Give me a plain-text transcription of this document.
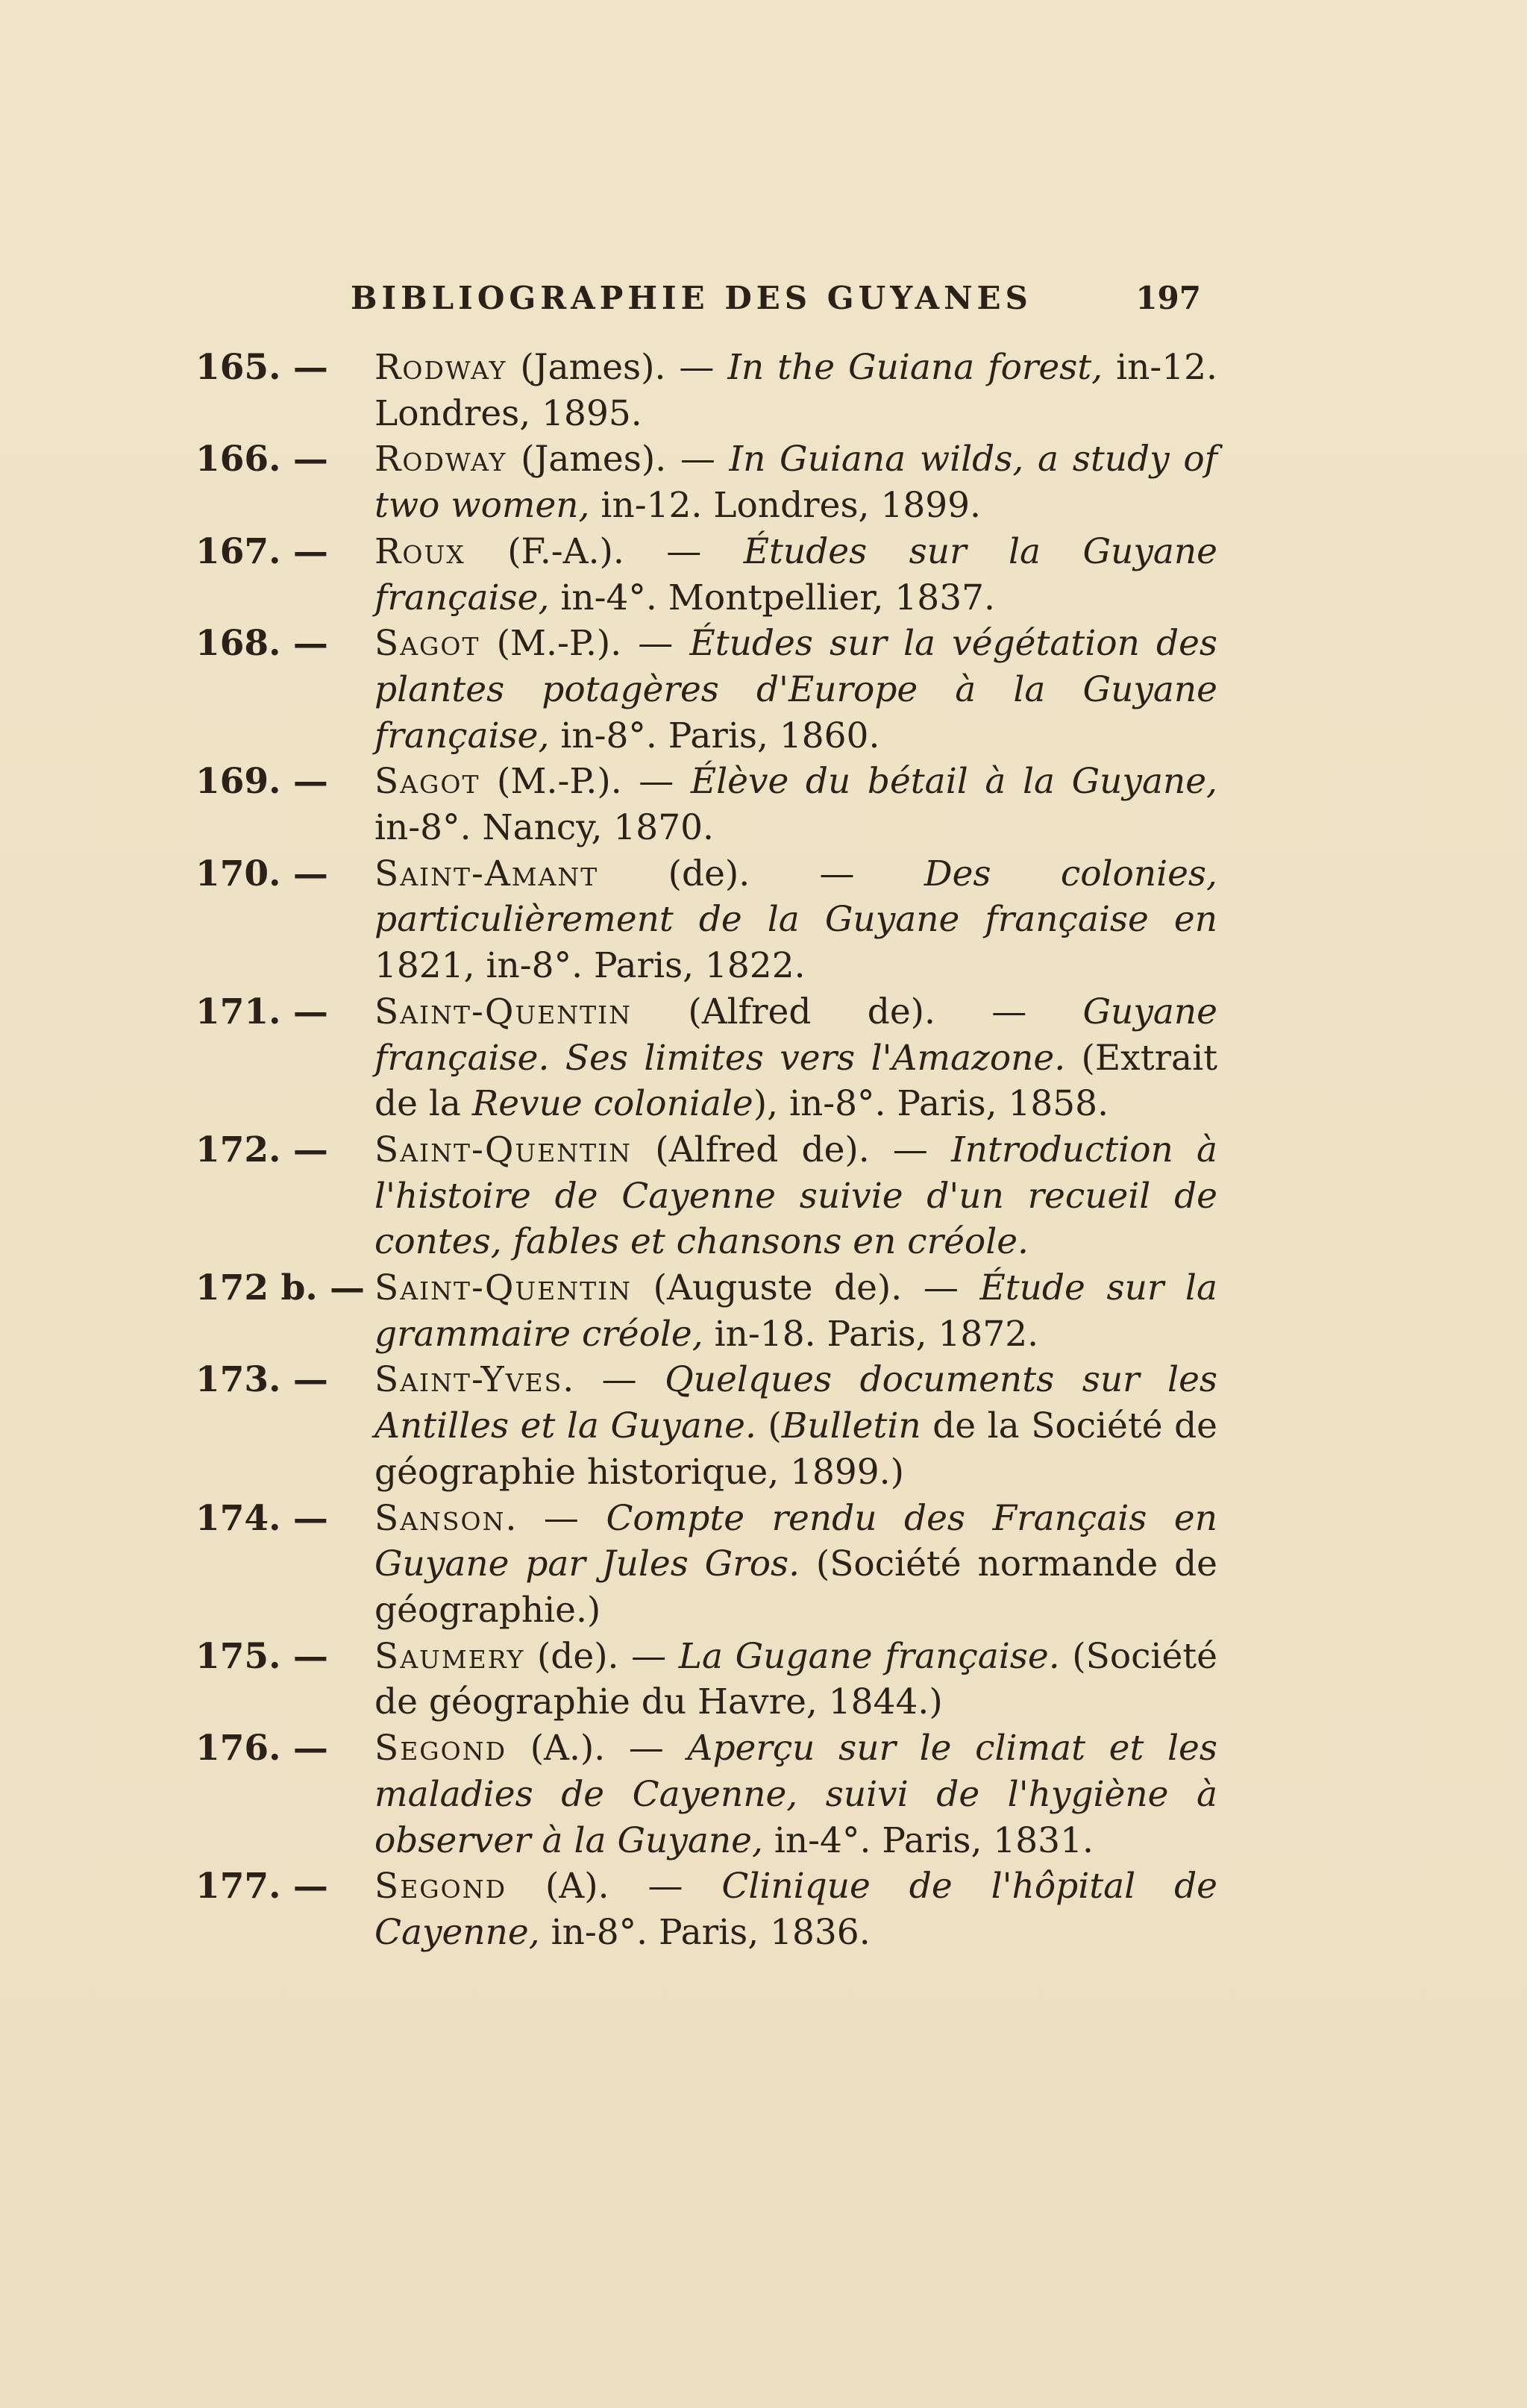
BIBLIOGRAPHIE DES GUYANES	197
165. —	Rodway (James). — In the Guiana forest, in-12. Londres, 1895.
166. —	Rodway (James). — In Guiana wilds, a study of two women, in-12. Londres, 1899.
167. —	Roux (F.-A.). — Études sur la Guyane française, in-4°. Montpellier, 1837.
168. —	Sagot (M.-P.). — Études sur la végétation des plantes potagères d'Europe à la Guyane française, in-8°. Paris, 1860.
169. —	Sagot (M.-P.). — Élève du bétail à la Guyane, in-8°. Nancy, 1870.
170. —	Saint-Amant (de). — Des colonies, particulièrement de la Guyane française en 1821, in-8°. Paris, 1822.
171. —	Saint-Quentin (Alfred de). — Guyane française. Ses limites vers l'Amazone. (Extrait de la Revue coloniale), in-8°. Paris, 1858.
172. —	Saint-Quentin (Alfred de). — Introduction à l'histoire de Cayenne suivie d'un recueil de contes, fables et chansons en créole.
172 b. — Saint-Quentin (Auguste de). — Étude sur la grammaire créole, in-18. Paris, 1872.
173. —	Saint-Yves. — Quelques documents sur les Antilles et la Guyane. (Bulletin de la Société de géographie historique, 1899.)
174. —	Sanson. — Compte rendu des Français en Guyane par Jules Gros. (Société normande de géographie.)
175. —	Saumery (de). — La Gugane française. (Société de géographie du Havre, 1844.)
176. —	Segond (A.). — Aperçu sur le climat et les maladies de Cayenne, suivi de l'hygiène à observer à la Guyane, in-4°. Paris, 1831.
177. —	Segond (A). — Clinique de l'hôpital de Cayenne, in-8°. Paris, 1836.
